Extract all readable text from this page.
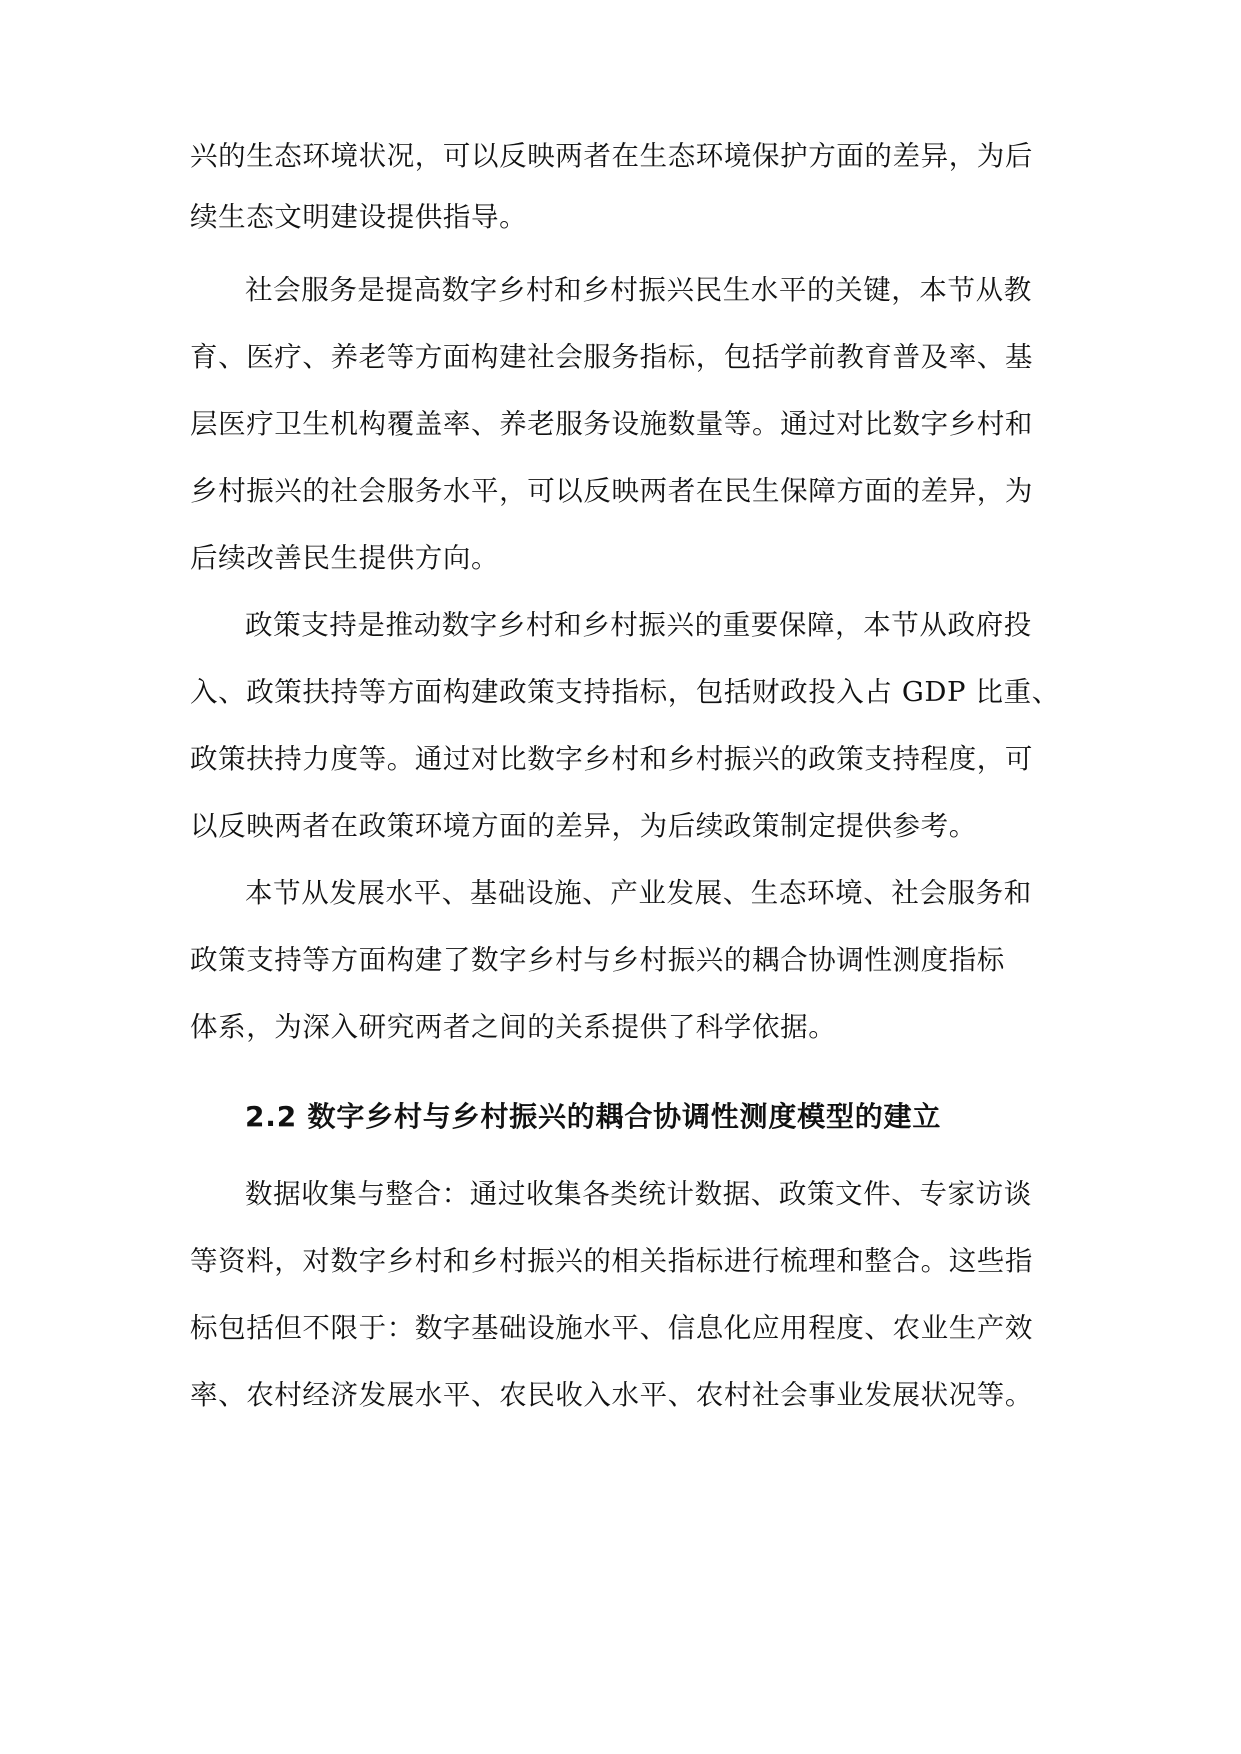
兴的生态环境状况，可以反映两者在生态环境保护方面的差异，为后
续生态文明建设提供指导。
社会服务是提高数字乡村和乡村振兴民生水平的关键，本节从教
育、医疗、养老等方面构建社会服务指标，包括学前教育普及率、基
层医疗卫生机构覆盖率、养老服务设施数量等。通过对比数字乡村和
乡村振兴的社会服务水平，可以反映两者在民生保障方面的差异，为
后续改善民生提供方向。
政策支持是推动数字乡村和乡村振兴的重要保障，本节从政府投
入、政策扶持等方面构建政策支持指标，包括财政投入占 GDP 比重、
政策扶持力度等。通过对比数字乡村和乡村振兴的政策支持程度，可
以反映两者在政策环境方面的差异，为后续政策制定提供参考。
本节从发展水平、基础设施、产业发展、生态环境、社会服务和
政策支持等方面构建了数字乡村与乡村振兴的耦合协调性测度指标
体系，为深入研究两者之间的关系提供了科学依据。
2.2 数字乡村与乡村振兴的耦合协调性测度模型的建立
数据收集与整合：通过收集各类统计数据、政策文件、专家访谈
等资料，对数字乡村和乡村振兴的相关指标进行梳理和整合。这些指
标包括但不限于：数字基础设施水平、信息化应用程度、农业生产效
率、农村经济发展水平、农民收入水平、农村社会事业发展状况等。
